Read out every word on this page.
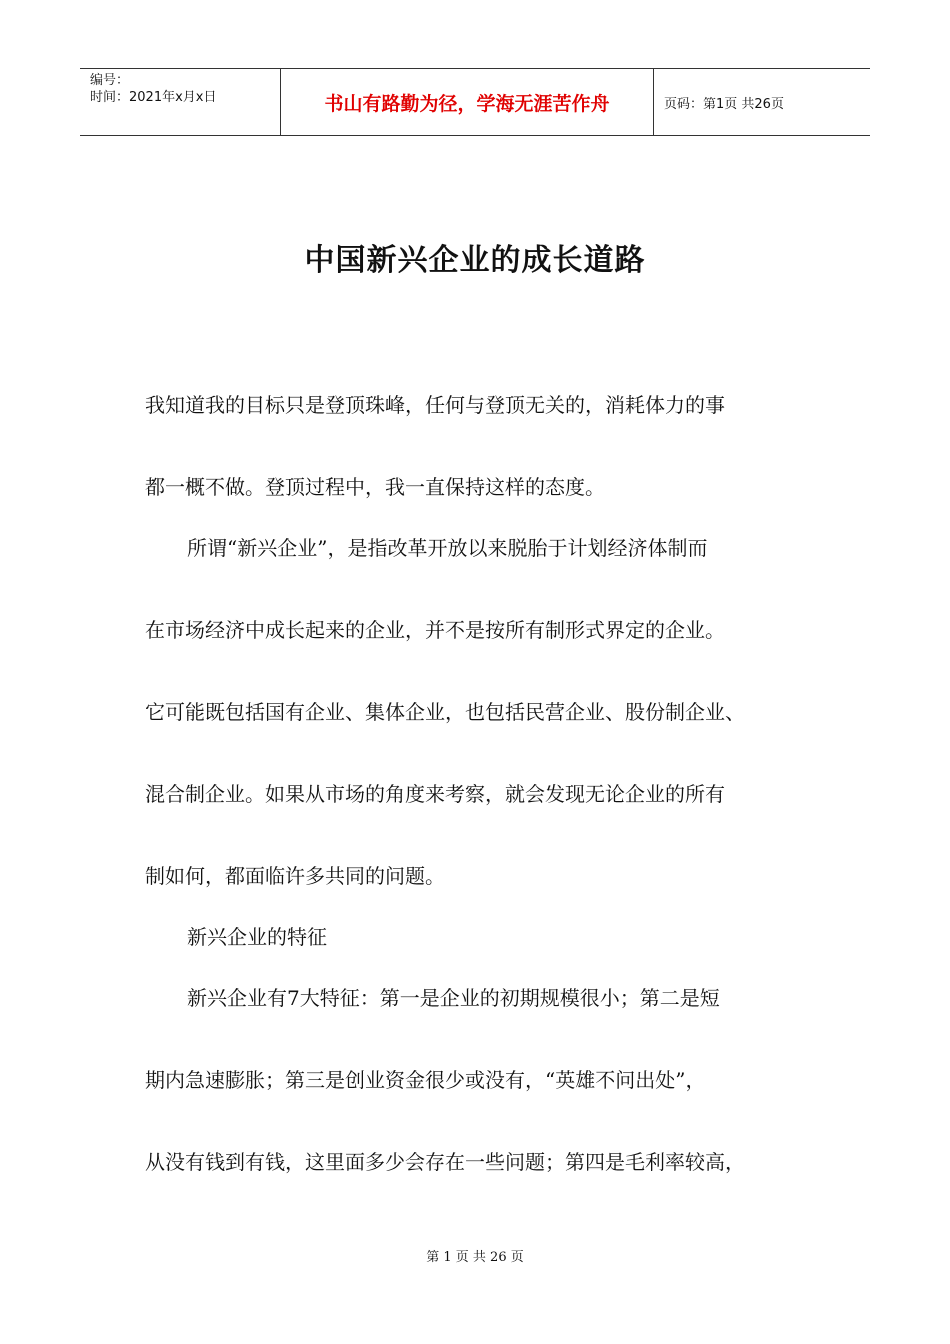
编号：
时间：2021年x月x日	书山有路勤为径，学海无涯苦作舟	页码：第1页 共26页
中国新兴企业的成长道路
我知道我的目标只是登顶珠峰，任何与登顶无关的，消耗体力的事
都一概不做。登顶过程中，我一直保持这样的态度。
所谓“新兴企业”，是指改革开放以来脱胎于计划经济体制而
在市场经济中成长起来的企业，并不是按所有制形式界定的企业。
它可能既包括国有企业、集体企业，也包括民营企业、股份制企业、
混合制企业。如果从市场的角度来考察，就会发现无论企业的所有
制如何，都面临许多共同的问题。
新兴企业的特征
新兴企业有7大特征：第一是企业的初期规模很小；第二是短
期内急速膨胀；第三是创业资金很少或没有，“英雄不问出处”，
从没有钱到有钱，这里面多少会存在一些问题；第四是毛利率较高，
第 1 页 共 26 页
